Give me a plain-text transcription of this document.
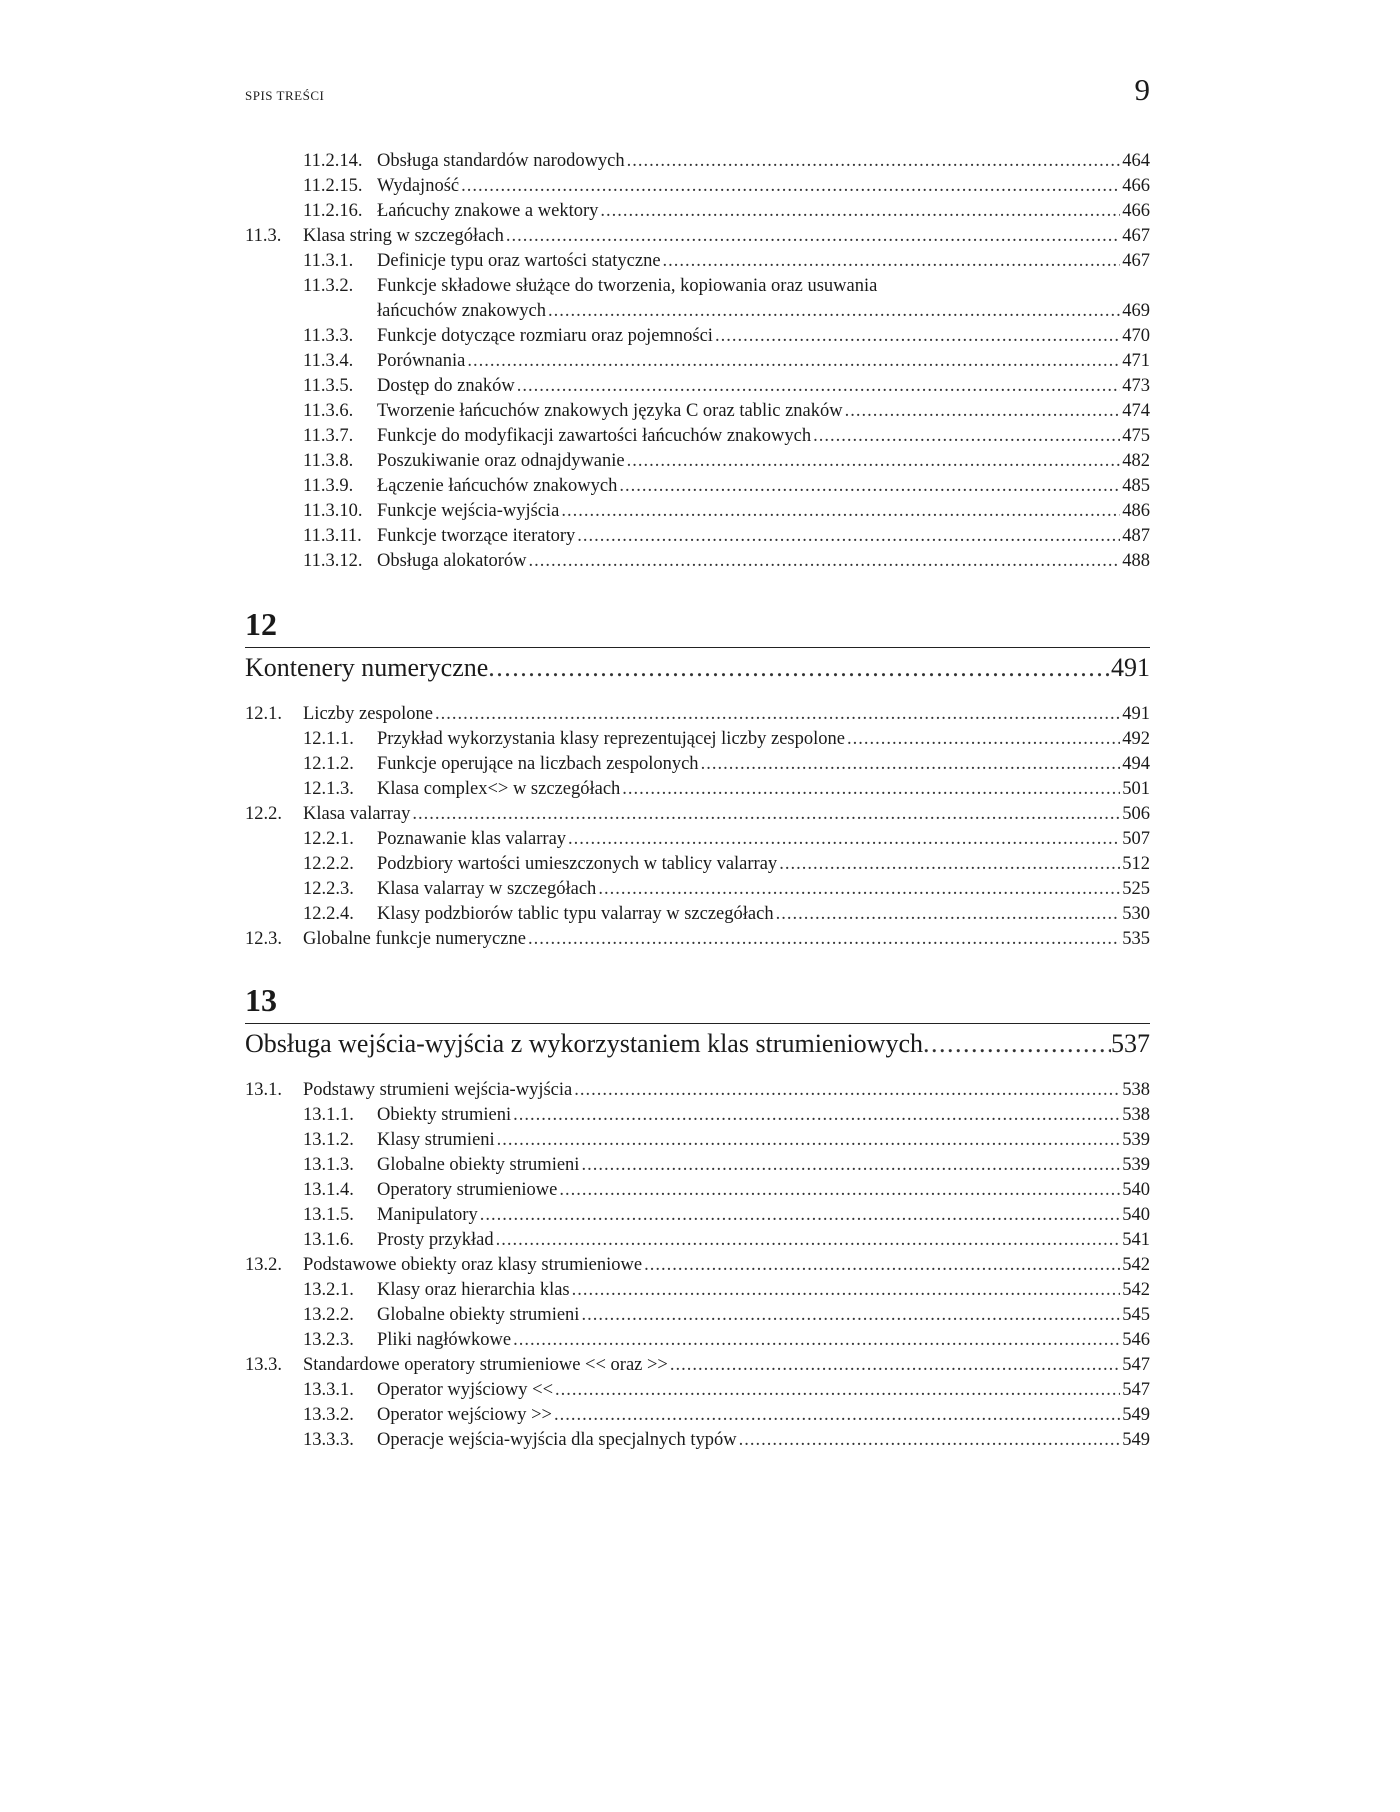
SPIS TREŚCI	9
11.2.14. Obsługa standardów narodowych .....	464
11.2.15. Wydajność .....	466
11.2.16. Łańcuchy znakowe a wektory .....	466
11.3.	Klasa string w szczegółach .....	467
11.3.1.	Definicje typu oraz wartości statyczne .....	467
11.3.2.	Funkcje składowe służące do tworzenia, kopiowania oraz usuwania
łańcuchów znakowych .....	469
11.3.3.	Funkcje dotyczące rozmiaru oraz pojemności .....	470
11.3.4.	Porównania .....	471
11.3.5.	Dostęp do znaków .....	473
11.3.6.	Tworzenie łańcuchów znakowych języka C oraz tablic znaków .....	474
11.3.7.	Funkcje do modyfikacji zawartości łańcuchów znakowych .....	475
11.3.8.	Poszukiwanie oraz odnajdywanie .....	482
11.3.9.	Łączenie łańcuchów znakowych .....	485
11.3.10. Funkcje wejścia-wyjścia .....	486
11.3.11. Funkcje tworzące iteratory .....	487
11.3.12. Obsługa alokatorów .....	488
12
Kontenery numeryczne .....	491
12.1.	Liczby zespolone .....	491
12.1.1.	Przykład wykorzystania klasy reprezentującej liczby zespolone .....	492
12.1.2.	Funkcje operujące na liczbach zespolonych .....	494
12.1.3.	Klasa complex<> w szczegółach .....	501
12.2.	Klasa valarray .....	506
12.2.1.	Poznawanie klas valarray .....	507
12.2.2.	Podzbiory wartości umieszczonych w tablicy valarray .....	512
12.2.3.	Klasa valarray w szczegółach .....	525
12.2.4.	Klasy podzbiorów tablic typu valarray w szczegółach .....	530
12.3.	Globalne funkcje numeryczne .....	535
13
Obsługa wejścia-wyjścia z wykorzystaniem klas strumieniowych .....	537
13.1.	Podstawy strumieni wejścia-wyjścia .....	538
13.1.1.	Obiekty strumieni .....	538
13.1.2.	Klasy strumieni .....	539
13.1.3.	Globalne obiekty strumieni .....	539
13.1.4.	Operatory strumieniowe .....	540
13.1.5.	Manipulatory .....	540
13.1.6.	Prosty przykład .....	541
13.2.	Podstawowe obiekty oraz klasy strumieniowe .....	542
13.2.1.	Klasy oraz hierarchia klas .....	542
13.2.2.	Globalne obiekty strumieni .....	545
13.2.3.	Pliki nagłówkowe .....	546
13.3.	Standardowe operatory strumieniowe << oraz >> .....	547
13.3.1.	Operator wyjściowy << .....	547
13.3.2.	Operator wejściowy >> .....	549
13.3.3.	Operacje wejścia-wyjścia dla specjalnych typów .....	549
